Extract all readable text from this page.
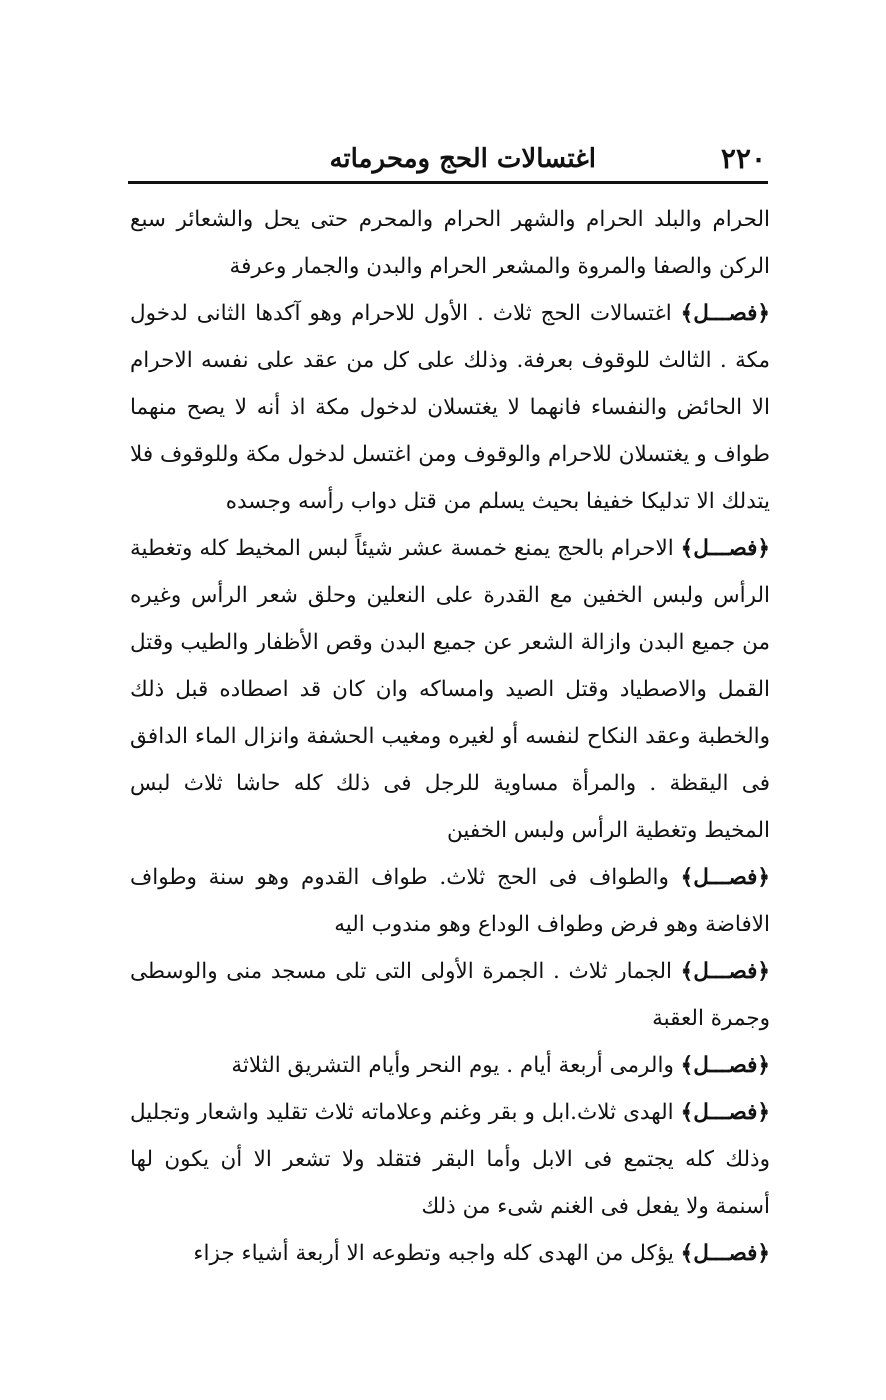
٢٢٠
اغتسالات الحج ومحرماته

الحرام والبلد الحرام والشهر الحرام والمحرم حتى يحل والشعائر سبع الركن والصفا والمروة والمشعر الحرام والبدن والجمار وعرفة

﴿فصـــل﴾ اغتسالات الحج ثلاث . الأول للاحرام وهو آكدها الثانى لدخول مكة . الثالث للوقوف بعرفة. وذلك على كل من عقد على نفسه الاحرام الا الحائض والنفساء فانهما لا يغتسلان لدخول مكة اذ أنه لا يصح منهما طواف و يغتسلان للاحرام والوقوف ومن اغتسل لدخول مكة وللوقوف فلا يتدلك الا تدليكا خفيفا بحيث يسلم من قتل دواب رأسه وجسده

﴿فصـــل﴾ الاحرام بالحج يمنع خمسة عشر شيئاً لبس المخيط كله وتغطية الرأس ولبس الخفين مع القدرة على النعلين وحلق شعر الرأس وغيره من جميع البدن وازالة الشعر عن جميع البدن وقص الأظفار والطيب وقتل القمل والاصطياد وقتل الصيد وامساكه وان كان قد اصطاده قبل ذلك والخطبة وعقد النكاح لنفسه أو لغيره ومغيب الحشفة وانزال الماء الدافق فى اليقظة . والمرأة مساوية للرجل فى ذلك كله حاشا ثلاث لبس المخيط وتغطية الرأس ولبس الخفين

﴿فصـــل﴾ والطواف فى الحج ثلاث. طواف القدوم وهو سنة وطواف الافاضة وهو فرض وطواف الوداع وهو مندوب اليه

﴿فصـــل﴾ الجمار ثلاث . الجمرة الأولى التى تلى مسجد منى والوسطى وجمرة العقبة

﴿فصـــل﴾ والرمى أربعة أيام . يوم النحر وأيام التشريق الثلاثة

﴿فصـــل﴾ الهدى ثلاث.ابل و بقر وغنم وعلاماته ثلاث تقليد واشعار وتجليل وذلك كله يجتمع فى الابل وأما البقر فتقلد ولا تشعر الا أن يكون لها أسنمة ولا يفعل فى الغنم شىء من ذلك

﴿فصـــل﴾ يؤكل من الهدى كله واجبه وتطوعه الا أربعة أشياء جزاء
